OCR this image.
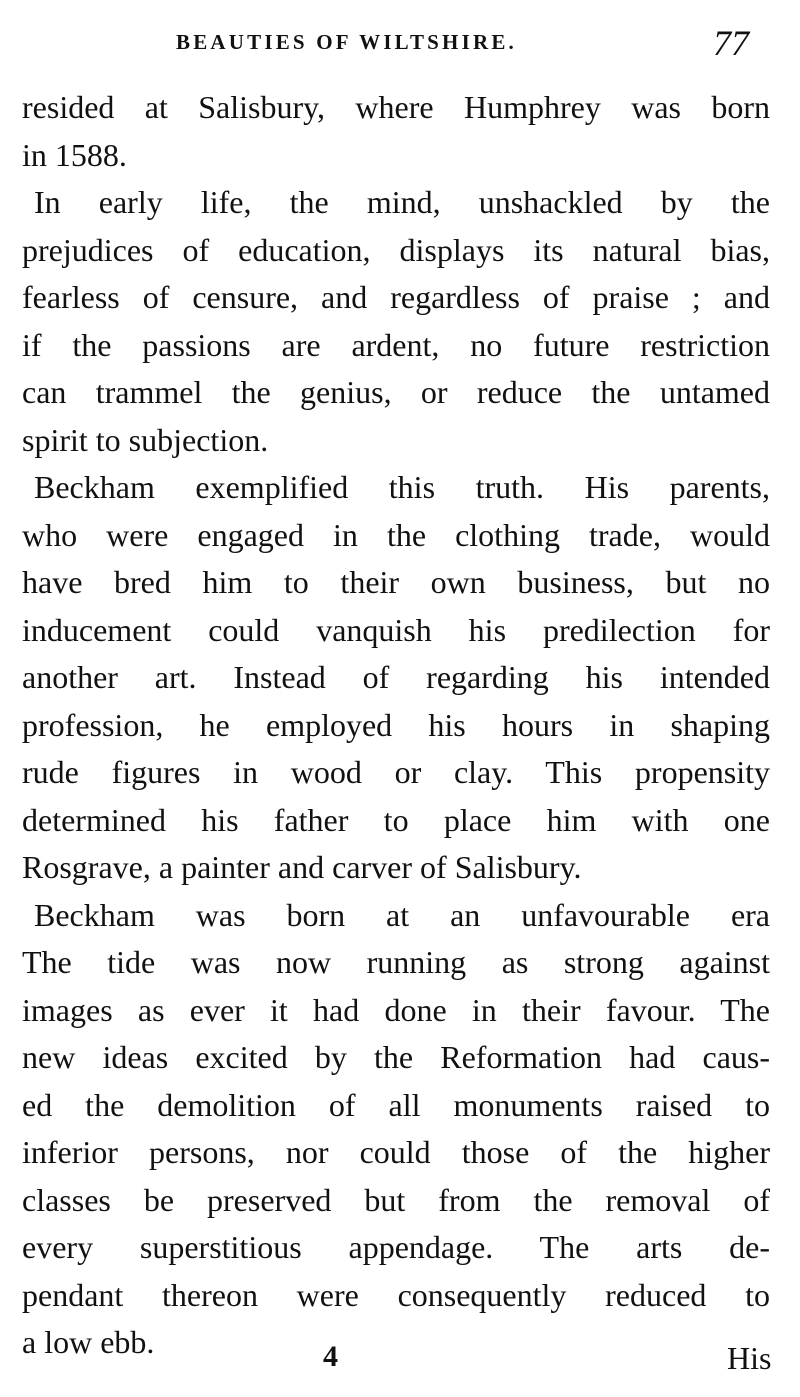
BEAUTIES OF WILTSHIRE.	77
resided at Salisbury, where Humphrey was born
in 1588.
In early life, the mind, unshackled by the
prejudices of education, displays its natural bias,
fearless of censure, and regardless of praise ; and
if the passions are ardent, no future restriction
can trammel the genius, or reduce the untamed
spirit to subjection.
Beckham exemplified this truth. His parents,
who were engaged in the clothing trade, would
have bred him to their own business, but no
inducement could vanquish his predilection for
another art. Instead of regarding his intended
profession, he employed his hours in shaping
rude figures in wood or clay. This propensity
determined his father to place him with one
Rosgrave, a painter and carver of Salisbury.
Beckham was born at an unfavourable era
The tide was now running as strong against
images as ever it had done in their favour. The
new ideas excited by the Reformation had caus-
ed the demolition of all monuments raised to
inferior persons, nor could those of the higher
classes be preserved but from the removal of
every superstitious appendage. The arts de-
pendant thereon were consequently reduced to
a low ebb.	4	His
